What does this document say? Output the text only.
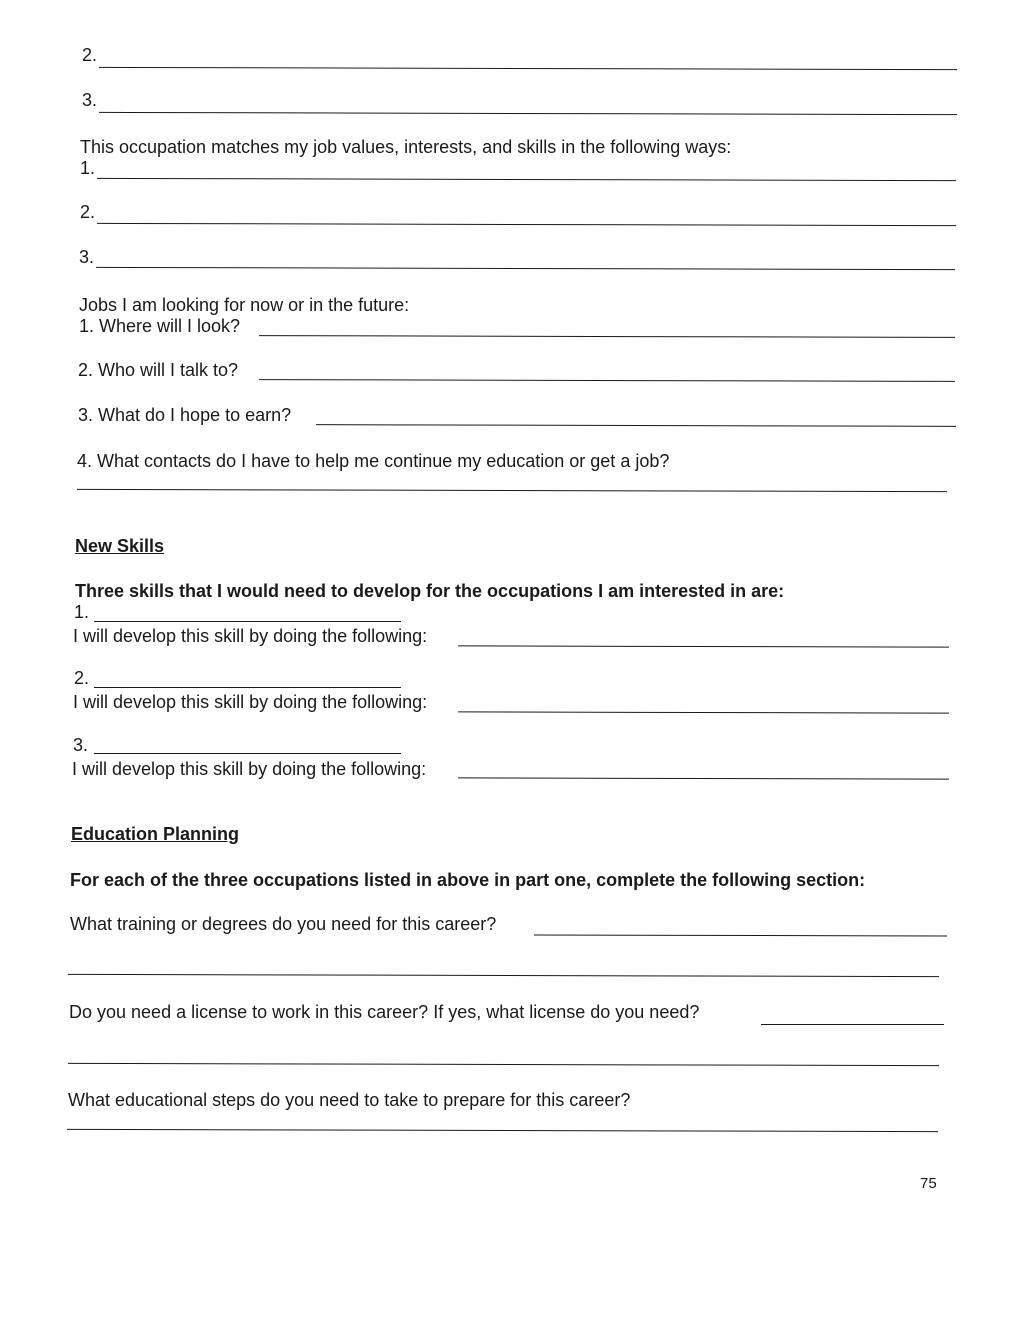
2.
3.
This occupation matches my job values, interests, and skills in the following ways:
1.
2.
3.
Jobs I am looking for now or in the future:
1. Where will I look?
2. Who will I talk to?
3. What do I hope to earn?
4. What contacts do I have to help me continue my education or get a job?
New Skills
Three skills that I would need to develop for the occupations I am interested in are:
1.
I will develop this skill by doing the following:
2.
I will develop this skill by doing the following:
3.
I will develop this skill by doing the following:
Education Planning
For each of the three occupations listed in above in part one, complete the following section:
What training or degrees do you need for this career?
Do you need a license to work in this career? If yes, what license do you need?
What educational steps do you need to take to prepare for this career?
75
